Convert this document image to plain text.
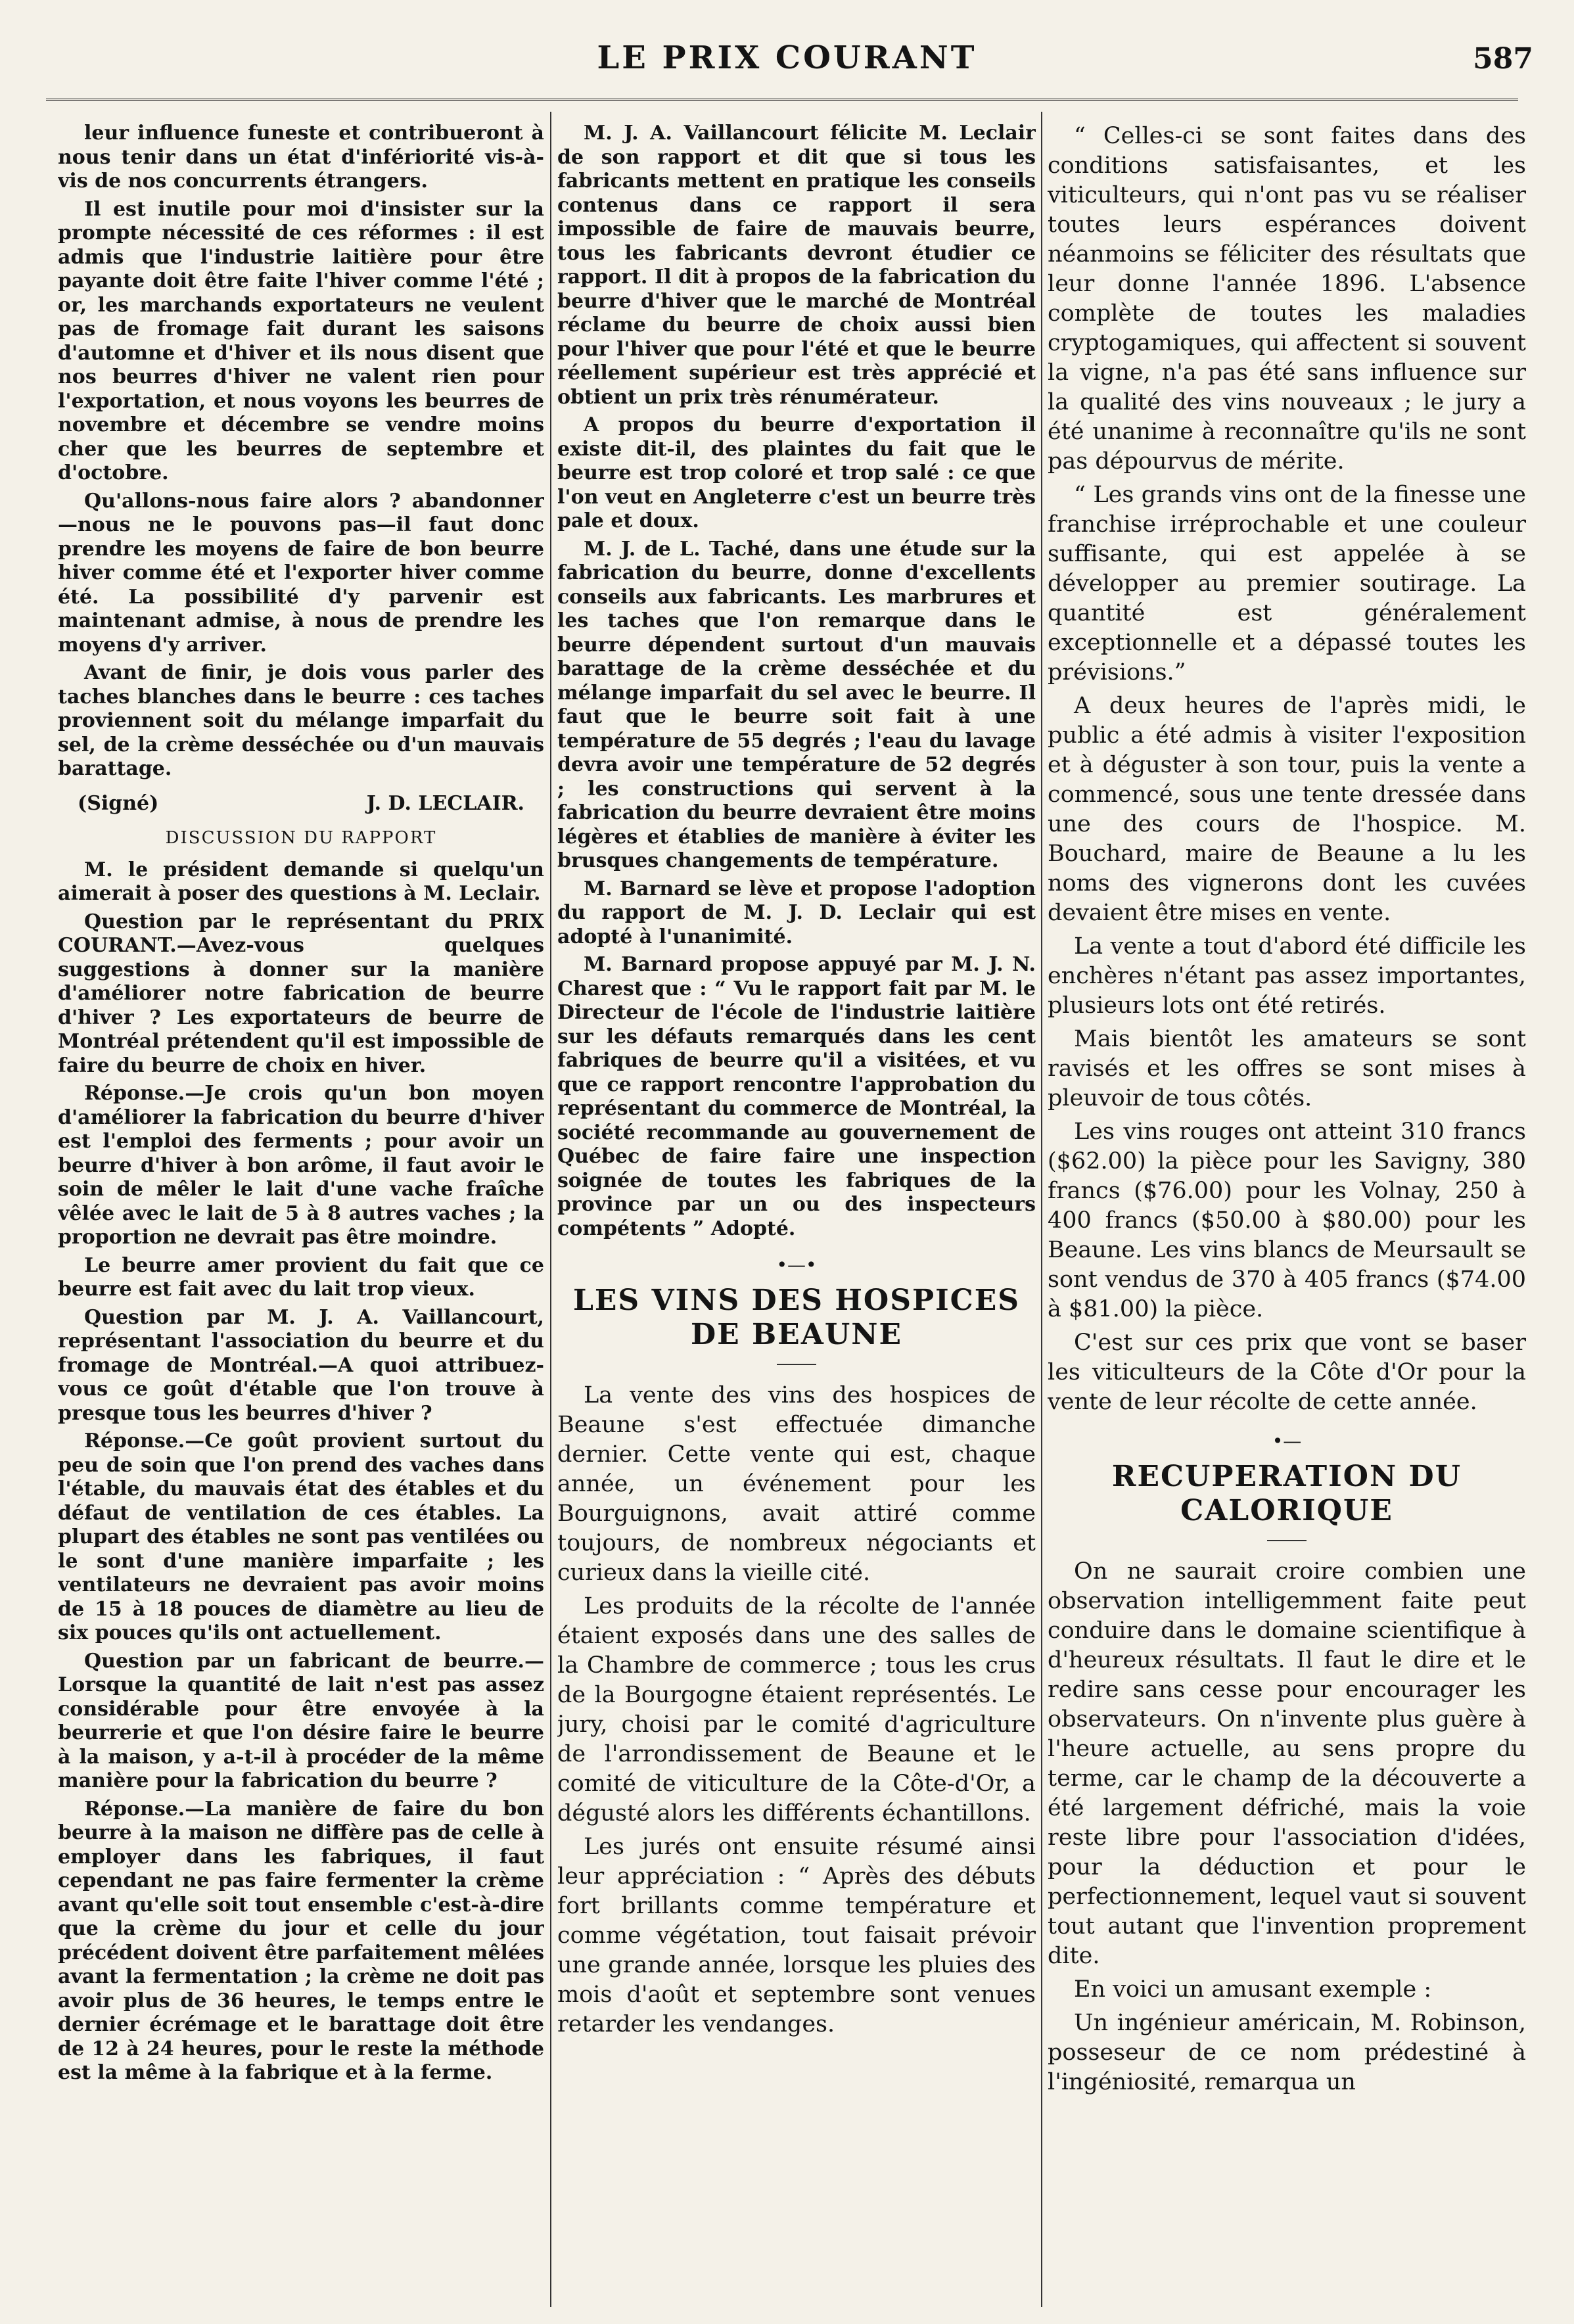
LE PRIX COURANT	587

leur influence funeste et contribueront à nous tenir dans un état d'infériorité vis-à-vis de nos concurrents étrangers.

Il est inutile pour moi d'insister sur la prompte nécessité de ces réformes : il est admis que l'industrie laitière pour être payante doit être faite l'hiver comme l'été ; or, les marchands exportateurs ne veulent pas de fromage fait durant les saisons d'automne et d'hiver et ils nous disent que nos beurres d'hiver ne valent rien pour l'exportation, et nous voyons les beurres de novembre et décembre se vendre moins cher que les beurres de septembre et d'octobre.

Qu'allons-nous faire alors ? abandonner—nous ne le pouvons pas—il faut donc prendre les moyens de faire de bon beurre hiver comme été et l'exporter hiver comme été. La possibilité d'y parvenir est maintenant admise, à nous de prendre les moyens d'y arriver.

Avant de finir, je dois vous parler des taches blanches dans le beurre : ces taches proviennent soit du mélange imparfait du sel, de la crème desséchée ou d'un mauvais barattage.

(Signé)	J. D. LECLAIR.
DISCUSSION DU RAPPORT

M. le président demande si quelqu'un aimerait à poser des questions à M. Leclair.

Question par le représentant du PRIX COURANT.—Avez-vous quelques suggestions à donner sur la manière d'améliorer notre fabrication de beurre d'hiver ? Les exportateurs de beurre de Montréal prétendent qu'il est impossible de faire du beurre de choix en hiver.

Réponse.—Je crois qu'un bon moyen d'améliorer la fabrication du beurre d'hiver est l'emploi des ferments ; pour avoir un beurre d'hiver à bon arôme, il faut avoir le soin de mêler le lait d'une vache fraîche vêlée avec le lait de 5 à 8 autres vaches ; la proportion ne devrait pas être moindre.

Le beurre amer provient du fait que ce beurre est fait avec du lait trop vieux.

Question par M. J. A. Vaillancourt, représentant l'association du beurre et du fromage de Montréal.—A quoi attribuez-vous ce goût d'étable que l'on trouve à presque tous les beurres d'hiver ?

Réponse.—Ce goût provient surtout du peu de soin que l'on prend des vaches dans l'étable, du mauvais état des étables et du défaut de ventilation de ces étables. La plupart des étables ne sont pas ventilées ou le sont d'une manière imparfaite ; les ventilateurs ne devraient pas avoir moins de 15 à 18 pouces de diamètre au lieu de six pouces qu'ils ont actuellement.

Question par un fabricant de beurre.—Lorsque la quantité de lait n'est pas assez considérable pour être envoyée à la beurrerie et que l'on désire faire le beurre à la maison, y a-t-il à procéder de la même manière pour la fabrication du beurre ?

Réponse.—La manière de faire du bon beurre à la maison ne diffère pas de celle à employer dans les fabriques, il faut cependant ne pas faire fermenter la crème avant qu'elle soit tout ensemble c'est-à-dire que la crème du jour et celle du jour précédent doivent être parfaitement mêlées avant la fermentation ; la crème ne doit pas avoir plus de 36 heures, le temps entre le dernier écrémage et le barattage doit être de 12 à 24 heures, pour le reste la méthode est la même à la fabrique et à la ferme.

M. J. A. Vaillancourt félicite M. Leclair de son rapport et dit que si tous les fabricants mettent en pratique les conseils contenus dans ce rapport il sera impossible de faire de mauvais beurre, tous les fabricants devront étudier ce rapport. Il dit à propos de la fabrication du beurre d'hiver que le marché de Montréal réclame du beurre de choix aussi bien pour l'hiver que pour l'été et que le beurre réellement supérieur est très apprécié et obtient un prix très rénumérateur.

A propos du beurre d'exportation il existe dit-il, des plaintes du fait que le beurre est trop coloré et trop salé : ce que l'on veut en Angleterre c'est un beurre très pale et doux.

M. J. de L. Taché, dans une étude sur la fabrication du beurre, donne d'excellents conseils aux fabricants. Les marbrures et les taches que l'on remarque dans le beurre dépendent surtout d'un mauvais barattage de la crème desséchée et du mélange imparfait du sel avec le beurre. Il faut que le beurre soit fait à une température de 55 degrés ; l'eau du lavage devra avoir une température de 52 degrés ; les constructions qui servent à la fabrication du beurre devraient être moins légères et établies de manière à éviter les brusques changements de température.

M. Barnard se lève et propose l'adoption du rapport de M. J. D. Leclair qui est adopté à l'unanimité.

M. Barnard propose appuyé par M. J. N. Charest que : “ Vu le rapport fait par M. le Directeur de l'école de l'industrie laitière sur les défauts remarqués dans les cent fabriques de beurre qu'il a visitées, et vu que ce rapport rencontre l'approbation du représentant du commerce de Montréal, la société recommande au gouvernement de Québec de faire faire une inspection soignée de toutes les fabriques de la province par un ou des inspecteurs compétents ” Adopté.

•—•
LES VINS DES HOSPICES DE BEAUNE

La vente des vins des hospices de Beaune s'est effectuée dimanche dernier. Cette vente qui est, chaque année, un événement pour les Bourguignons, avait attiré comme toujours, de nombreux négociants et curieux dans la vieille cité.

Les produits de la récolte de l'année étaient exposés dans une des salles de la Chambre de commerce ; tous les crus de la Bourgogne étaient représentés. Le jury, choisi par le comité d'agriculture de l'arrondissement de Beaune et le comité de viticulture de la Côte-d'Or, a dégusté alors les différents échantillons.

Les jurés ont ensuite résumé ainsi leur appréciation : “ Après des débuts fort brillants comme température et comme végétation, tout faisait prévoir une grande année, lorsque les pluies des mois d'août et septembre sont venues retarder les vendanges.

“ Celles-ci se sont faites dans des conditions satisfaisantes, et les viticulteurs, qui n'ont pas vu se réaliser toutes leurs espérances doivent néanmoins se féliciter des résultats que leur donne l'année 1896. L'absence complète de toutes les maladies cryptogamiques, qui affectent si souvent la vigne, n'a pas été sans influence sur la qualité des vins nouveaux ; le jury a été unanime à reconnaître qu'ils ne sont pas dépourvus de mérite.

“ Les grands vins ont de la finesse une franchise irréprochable et une couleur suffisante, qui est appelée à se développer au premier soutirage. La quantité est généralement exceptionnelle et a dépassé toutes les prévisions.”

A deux heures de l'après midi, le public a été admis à visiter l'exposition et à déguster à son tour, puis la vente a commencé, sous une tente dressée dans une des cours de l'hospice. M. Bouchard, maire de Beaune a lu les noms des vignerons dont les cuvées devaient être mises en vente.

La vente a tout d'abord été difficile les enchères n'étant pas assez importantes, plusieurs lots ont été retirés.

Mais bientôt les amateurs se sont ravisés et les offres se sont mises à pleuvoir de tous côtés.

Les vins rouges ont atteint 310 francs ($62.00) la pièce pour les Savigny, 380 francs ($76.00) pour les Volnay, 250 à 400 francs ($50.00 à $80.00) pour les Beaune. Les vins blancs de Meursault se sont vendus de 370 à 405 francs ($74.00 à $81.00) la pièce.

C'est sur ces prix que vont se baser les viticulteurs de la Côte d'Or pour la vente de leur récolte de cette année.

•—
RECUPERATION DU CALORIQUE

On ne saurait croire combien une observation intelligemment faite peut conduire dans le domaine scientifique à d'heureux résultats. Il faut le dire et le redire sans cesse pour encourager les observateurs. On n'invente plus guère à l'heure actuelle, au sens propre du terme, car le champ de la découverte a été largement défriché, mais la voie reste libre pour l'association d'idées, pour la déduction et pour le perfectionnement, lequel vaut si souvent tout autant que l'invention proprement dite.

En voici un amusant exemple :

Un ingénieur américain, M. Robinson, posseseur de ce nom prédestiné à l'ingéniosité, remarqua un
